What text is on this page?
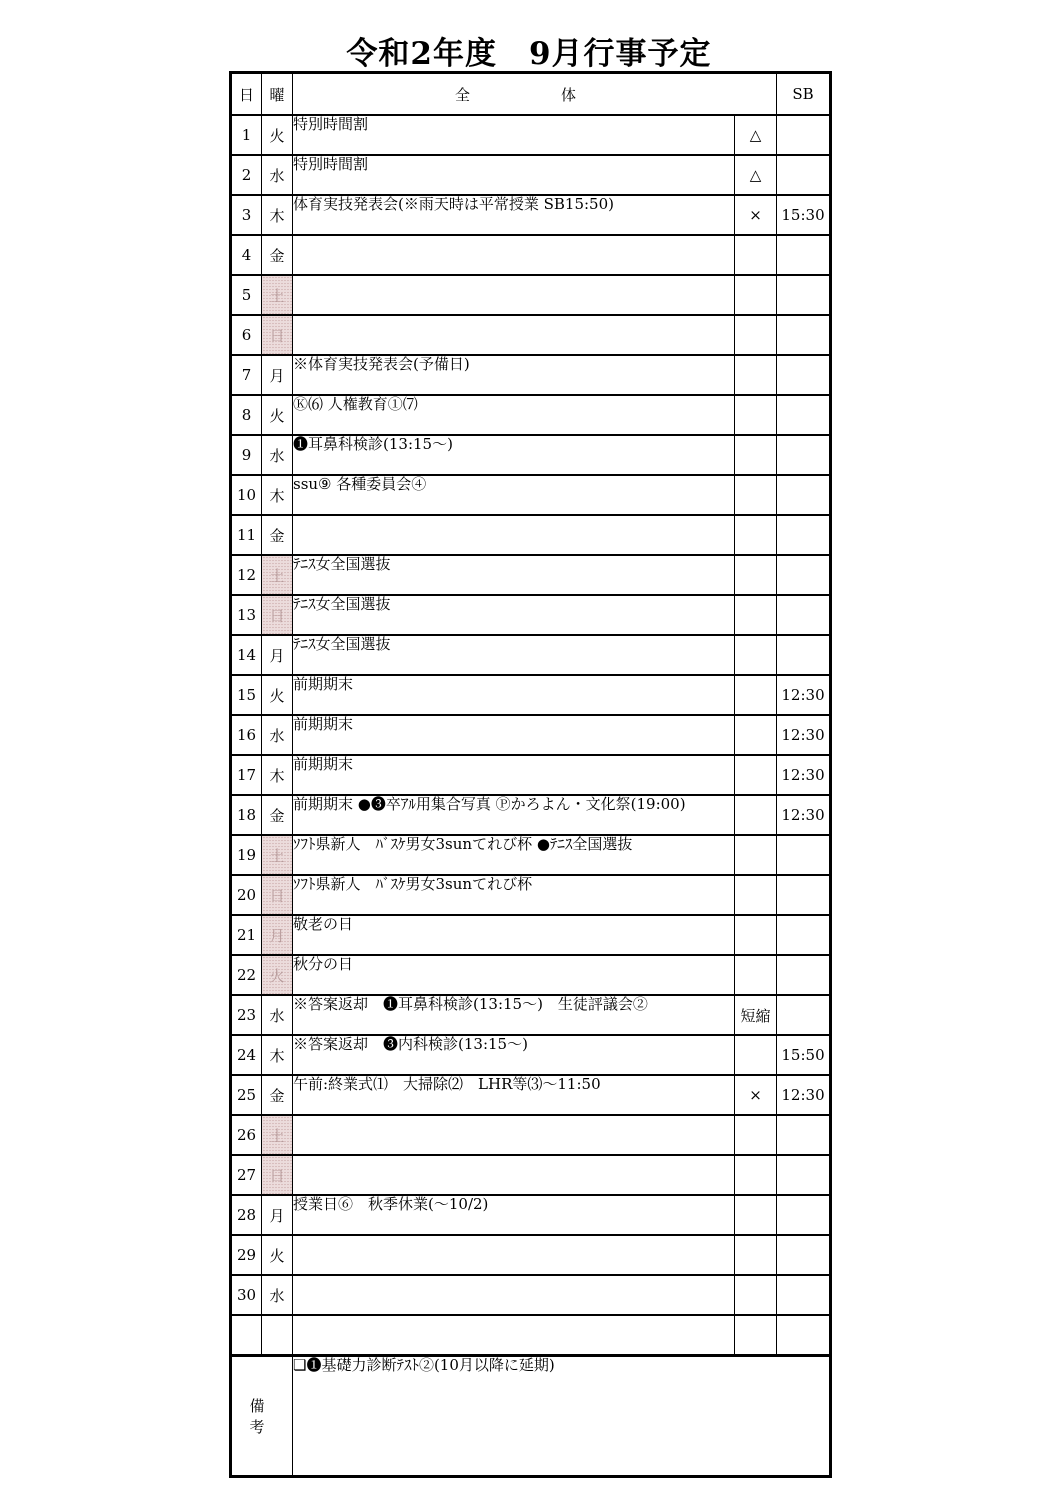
令和2年度　9月行事予定
日	曜	全　体		SB
1	火	特別時間割	△	
2	水	特別時間割	△	
3	木	体育実技発表会(※雨天時は平常授業 SB15:50)	×	15:30
4	金			
5	土			
6	日			
7	月	※体育実技発表会(予備日)		
8	火	Ⓚ⑹ 人権教育①⑺		
9	水	❶耳鼻科検診(13:15～)		
10	木	ssu⑨ 各種委員会④		
11	金			
12	土	ﾃﾆｽ女全国選抜		
13	日	ﾃﾆｽ女全国選抜		
14	月	ﾃﾆｽ女全国選抜		
15	火	前期期末		12:30
16	水	前期期末		12:30
17	木	前期期末		12:30
18	金	前期期末 ●❸卒ｱﾙ用集合写真 Ⓟかろよん・文化祭(19:00)		12:30
19	土	ｿﾌﾄ県新人　ﾊﾞｽｹ男女3sunてれび杯 ●ﾃﾆｽ全国選抜		
20	日	ｿﾌﾄ県新人　ﾊﾞｽｹ男女3sunてれび杯		
21	月	敬老の日		
22	火	秋分の日		
23	水	※答案返却　❶耳鼻科検診(13:15～)　生徒評議会②	短縮	
24	木	※答案返却　❸内科検診(13:15～)		15:50
25	金	午前:終業式⑴　大掃除⑵　LHR等⑶～11:50	×	12:30
26	土			
27	日			
28	月	授業日⑥　秋季休業(～10/2)		
29	火			
30	水			

備　考		❏❶基礎力診断ﾃｽﾄ②(10月以降に延期)		
